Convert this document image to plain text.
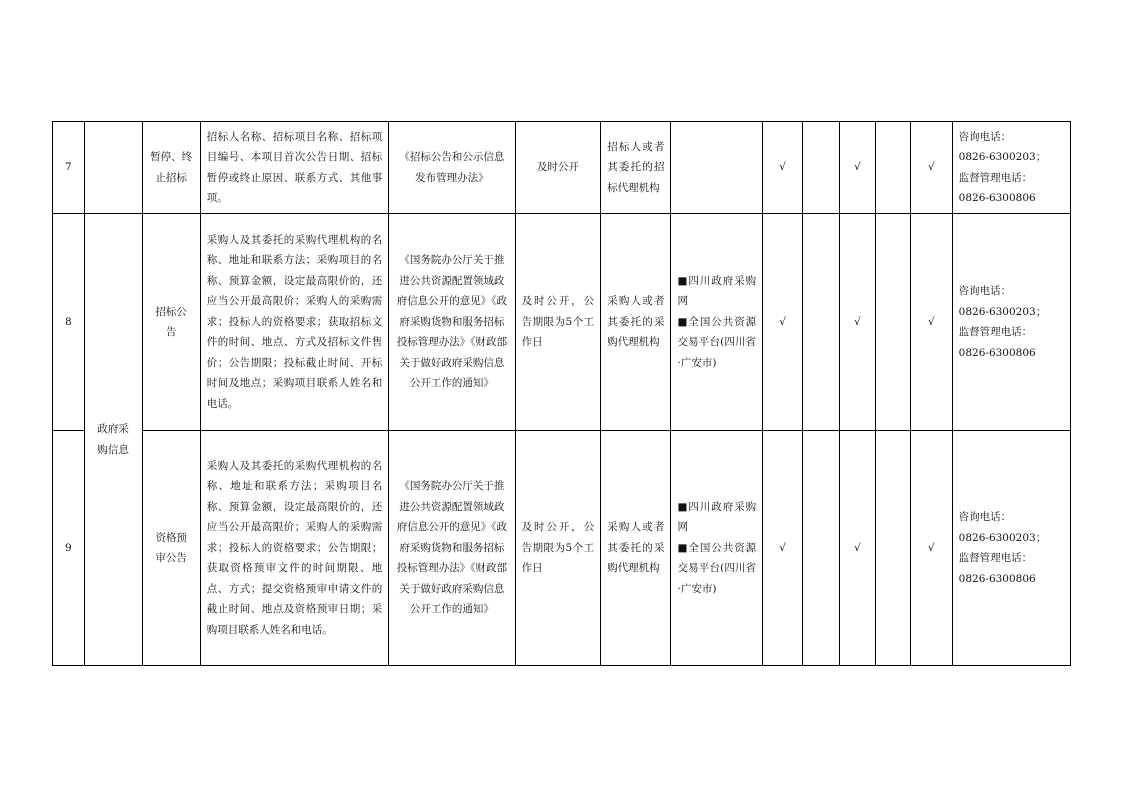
7		暂停、终
止招标	招标人名称、招标项目名称、招标项目编号、本项目首次公告日期、招标暂停或终止原因、联系方式、其他事项。	《招标公告和公示信息发布管理办法》	及时公开	招标人或者其委托的招标代理机构		√		√		√	咨询电话：
0826-6300203；
监督管理电话：
0826-6300806

8	政府采
购信息	招标公
告	采购人及其委托的采购代理机构的名称、地址和联系方法；采购项目的名称、预算金额，设定最高限价的，还应当公开最高限价；采购人的采购需求；投标人的资格要求；获取招标文件的时间、地点、方式及招标文件售价；公告期限；投标截止时间、开标时间及地点；采购项目联系人姓名和电话。	《国务院办公厅关于推进公共资源配置领域政府信息公开的意见》《政府采购货物和服务招标投标管理办法》《财政部关于做好政府采购信息公开工作的通知》	及时公开，公告期限为5个工作日	采购人或者其委托的采购代理机构	■四川政府采购网
■全国公共资源交易平台(四川省·广安市)	√		√		√	咨询电话：
0826-6300203；
监督管理电话：
0826-6300806

9		资格预
审公告	采购人及其委托的采购代理机构的名称、地址和联系方法；采购项目名称、预算金额，设定最高限价的，还应当公开最高限价；采购人的采购需求；投标人的资格要求；公告期限；获取资格预审文件的时间期限、地点、方式；提交资格预审申请文件的截止时间、地点及资格预审日期；采购项目联系人姓名和电话。	《国务院办公厅关于推进公共资源配置领域政府信息公开的意见》《政府采购货物和服务招标投标管理办法》《财政部关于做好政府采购信息公开工作的通知》	及时公开，公告期限为5个工作日	采购人或者其委托的采购代理机构	■四川政府采购网
■全国公共资源交易平台(四川省·广安市)	√		√		√	咨询电话：
0826-6300203；
监督管理电话：
0826-6300806
